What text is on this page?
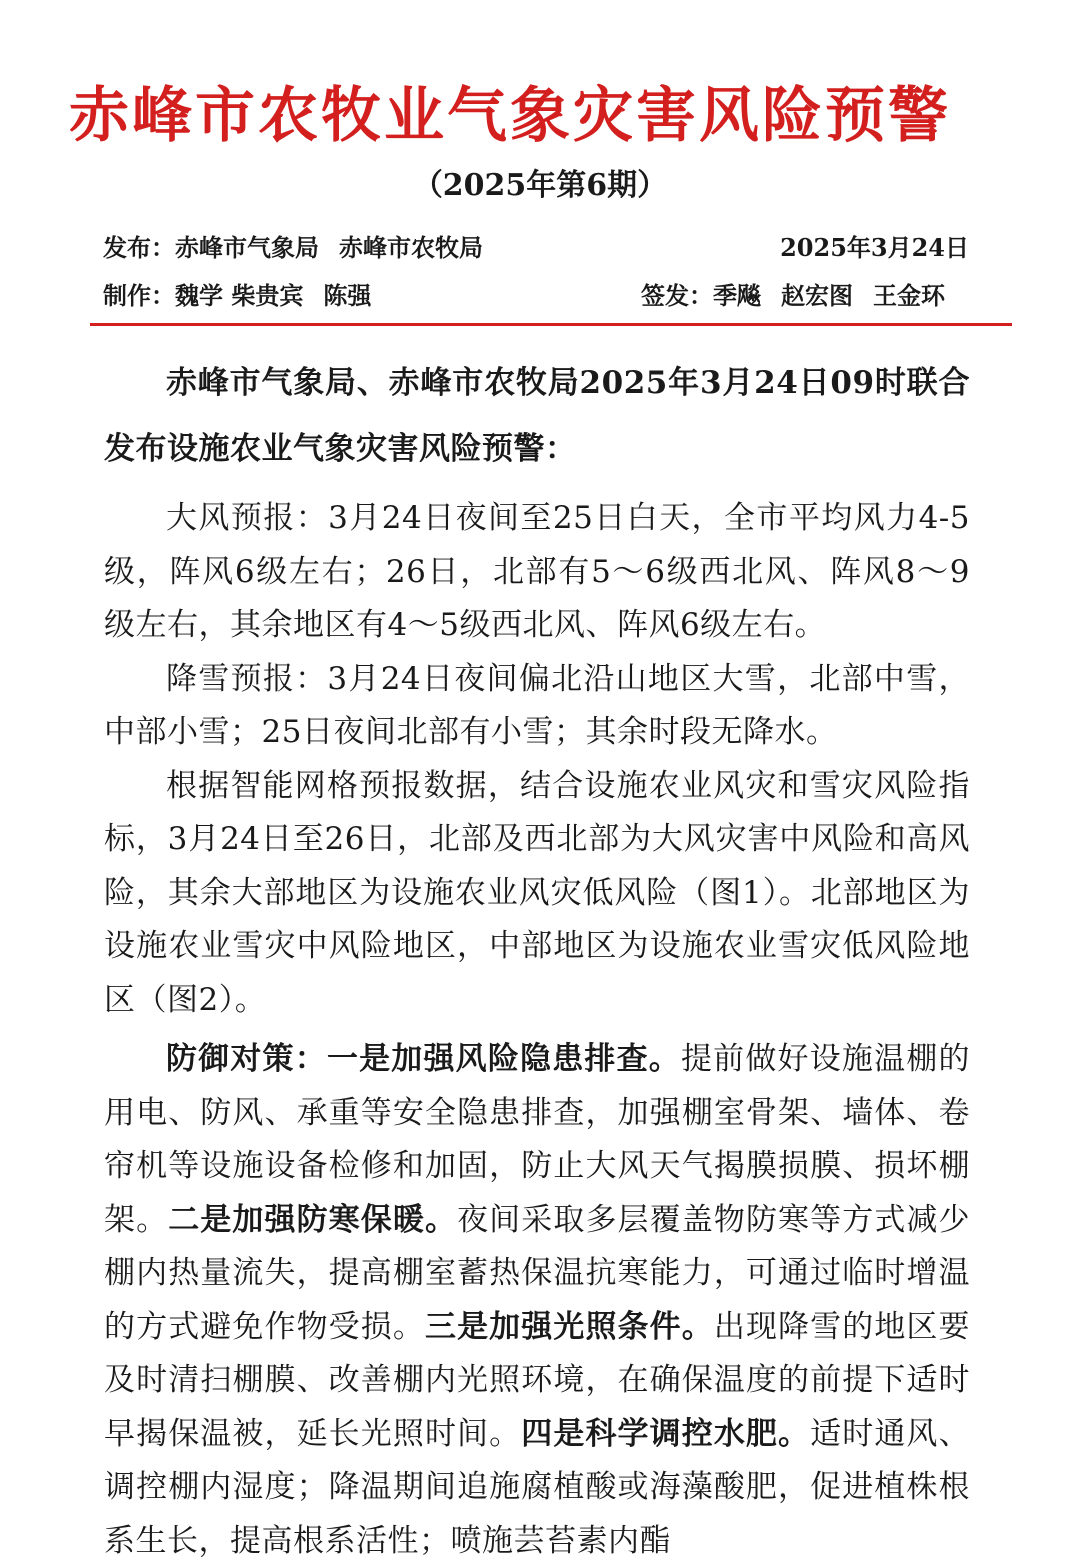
赤峰市农牧业气象灾害风险预警
（2025年第6期）
发布：赤峰市气象局 赤峰市农牧局	2025年3月24日
制作：魏学 柴贵宾 陈强	签发：季飚 赵宏图 王金环

赤峰市气象局、赤峰市农牧局2025年3月24日09时联合发布设施农业气象灾害风险预警：

大风预报：3月24日夜间至25日白天，全市平均风力4-5级，阵风6级左右；26日，北部有5～6级西北风、阵风8～9级左右，其余地区有4～5级西北风、阵风6级左右。

降雪预报：3月24日夜间偏北沿山地区大雪，北部中雪，中部小雪；25日夜间北部有小雪；其余时段无降水。

根据智能网格预报数据，结合设施农业风灾和雪灾风险指标，3月24日至26日，北部及西北部为大风灾害中风险和高风险，其余大部地区为设施农业风灾低风险（图1）。北部地区为设施农业雪灾中风险地区，中部地区为设施农业雪灾低风险地区（图2）。

防御对策：一是加强风险隐患排查。提前做好设施温棚的用电、防风、承重等安全隐患排查，加强棚室骨架、墙体、卷帘机等设施设备检修和加固，防止大风天气揭膜损膜、损坏棚架。二是加强防寒保暖。夜间采取多层覆盖物防寒等方式减少棚内热量流失，提高棚室蓄热保温抗寒能力，可通过临时增温的方式避免作物受损。三是加强光照条件。出现降雪的地区要及时清扫棚膜、改善棚内光照环境，在确保温度的前提下适时早揭保温被，延长光照时间。四是科学调控水肥。适时通风、调控棚内湿度；降温期间追施腐植酸或海藻酸肥，促进植株根系生长，提高根系活性；喷施芸苔素内酯
